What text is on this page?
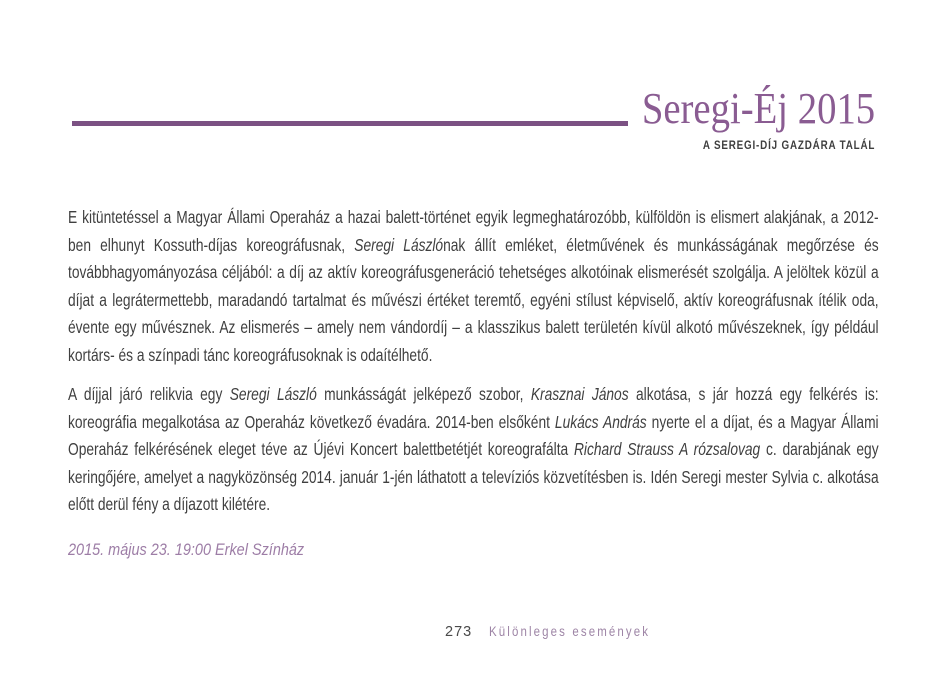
Seregi-Éj 2015
A SEREGI-DÍJ GAZDÁRA TALÁL

E kitüntetéssel a Magyar Állami Operaház a hazai balett-történet egyik legmeghatározóbb, külföldön is elismert alakjának, a 2012-ben elhunyt Kossuth-díjas koreográfusnak, Seregi Lászlónak állít emléket, életművének és munkásságának megőrzése és továbbhagyományozása céljából: a díj az aktív koreográfusgeneráció tehetséges alkotóinak elismerését szolgálja. A jelöltek közül a díjat a legrátermettebb, maradandó tartalmat és művészi értéket teremtő, egyéni stílust képviselő, aktív koreográfusnak ítélik oda, évente egy művésznek. Az elismerés – amely nem vándordíj – a klasszikus balett területén kívül alkotó művészeknek, így például kortárs- és a színpadi tánc koreográfusoknak is odaítélhető.

A díjjal járó relikvia egy Seregi László munkásságát jelképező szobor, Krasznai János alkotása, s jár hozzá egy felkérés is: koreográfia megalkotása az Operaház következő évadára. 2014-ben elsőként Lukács András nyerte el a díjat, és a Magyar Állami Operaház felkérésének eleget téve az Újévi Koncert balettbetétjét koreografálta Richard Strauss A rózsalovag c. darabjának egy keringőjére, amelyet a nagyközönség 2014. január 1-jén láthatott a televíziós közvetítésben is. Idén Seregi mester Sylvia c. alkotása előtt derül fény a díjazott kilétére.

2015. május 23. 19:00 Erkel Színház
273 Különleges események
